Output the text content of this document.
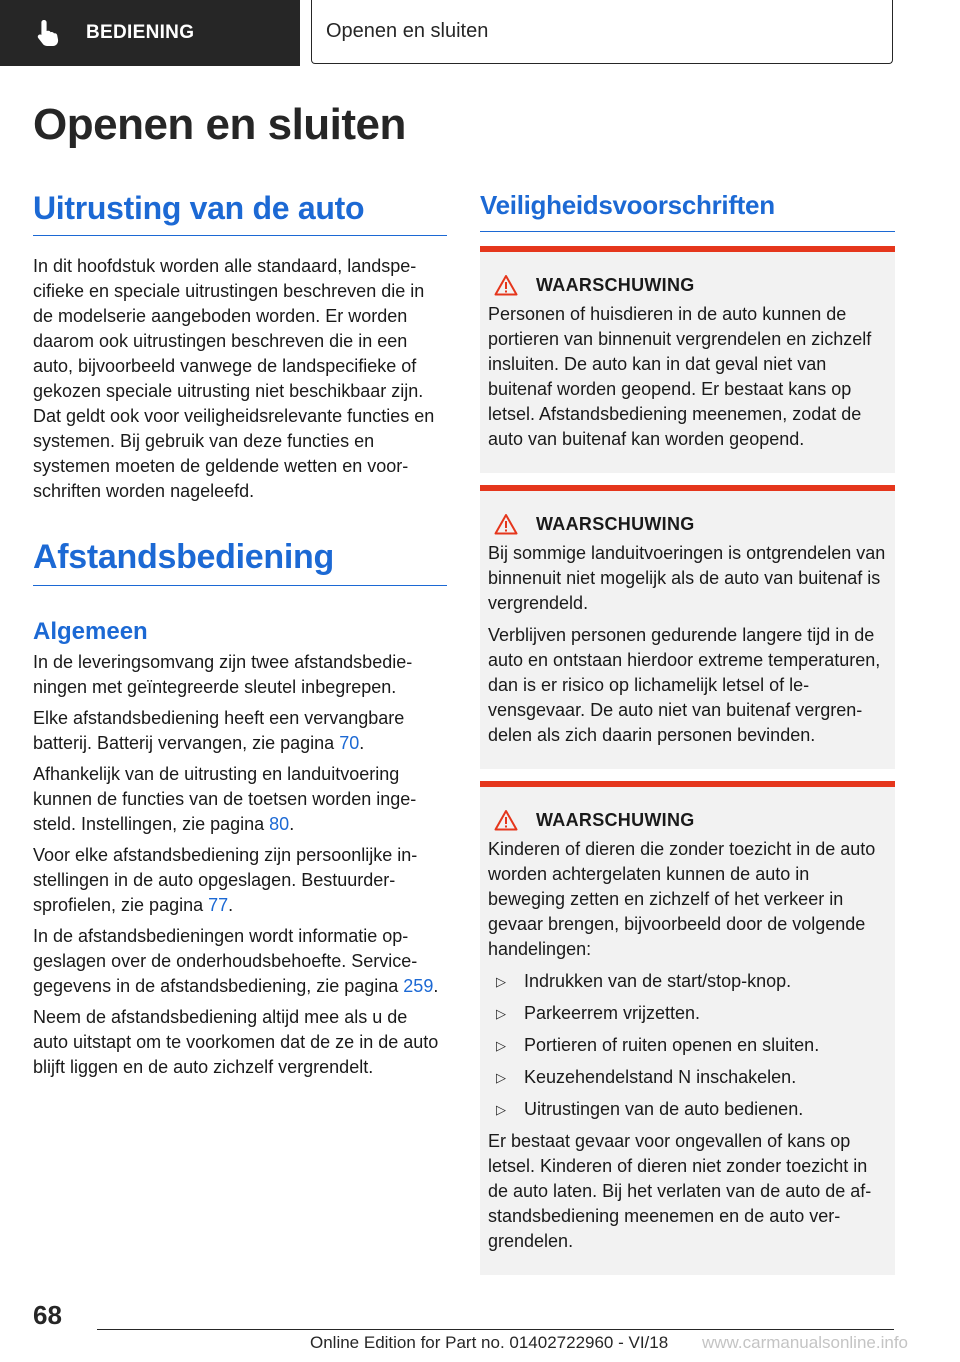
BEDIENING	Openen en sluiten
Openen en sluiten
Uitrusting van de auto

In dit hoofdstuk worden alle standaard, landspecifieke en speciale uitrustingen beschreven die in de modelserie aangeboden worden. Er worden daarom ook uitrustingen beschreven die in een auto, bijvoorbeeld vanwege de landspecifieke of gekozen speciale uitrusting niet beschikbaar zijn. Dat geldt ook voor veiligheidsrelevante functies en systemen. Bij gebruik van deze functies en systemen moeten de geldende wetten en voorschriften worden nageleefd.

Afstandsbediening
Algemeen

In de leveringsomvang zijn twee afstandsbedieningen met geïntegreerde sleutel inbegrepen.

Elke afstandsbediening heeft een vervangbare batterij. Batterij vervangen, zie pagina 70.

Afhankelijk van de uitrusting en landuitvoering kunnen de functies van de toetsen worden ingesteld. Instellingen, zie pagina 80.

Voor elke afstandsbediening zijn persoonlijke instellingen in de auto opgeslagen. Bestuurdersprofielen, zie pagina 77.

In de afstandsbedieningen wordt informatie opgeslagen over de onderhoudsbehoefte. Servicegegevens in de afstandsbediening, zie pagina 259.

Neem de afstandsbediening altijd mee als u de auto uitstapt om te voorkomen dat de ze in de auto blijft liggen en de auto zichzelf vergrendelt.

Veiligheidsvoorschriften
WAARSCHUWING

Personen of huisdieren in de auto kunnen de portieren van binnenuit vergrendelen en zichzelf insluiten. De auto kan in dat geval niet van buitenaf worden geopend. Er bestaat kans op letsel. Afstandsbediening meenemen, zodat de auto van buitenaf kan worden geopend.

WAARSCHUWING

Bij sommige landuitvoeringen is ontgrendelen van binnenuit niet mogelijk als de auto van buitenaf is vergrendeld.

Verblijven personen gedurende langere tijd in de auto en ontstaan hierdoor extreme temperaturen, dan is er risico op lichamelijk letsel of levensgevaar. De auto niet van buitenaf vergrendelen als zich daarin personen bevinden.

WAARSCHUWING

Kinderen of dieren die zonder toezicht in de auto worden achtergelaten kunnen de auto in beweging zetten en zichzelf of het verkeer in gevaar brengen, bijvoorbeeld door de volgende handelingen:

▷	Indrukken van de start/stop-knop.
▷	Parkeerrem vrijzetten.
▷	Portieren of ruiten openen en sluiten.
▷	Keuzehendelstand N inschakelen.
▷	Uitrustingen van de auto bedienen.

Er bestaat gevaar voor ongevallen of kans op letsel. Kinderen of dieren niet zonder toezicht in de auto laten. Bij het verlaten van de auto de afstandsbediening meenemen en de auto vergrendelen.

68
Online Edition for Part no. 01402722960 - VI/18 www.carmanualsonline.info
